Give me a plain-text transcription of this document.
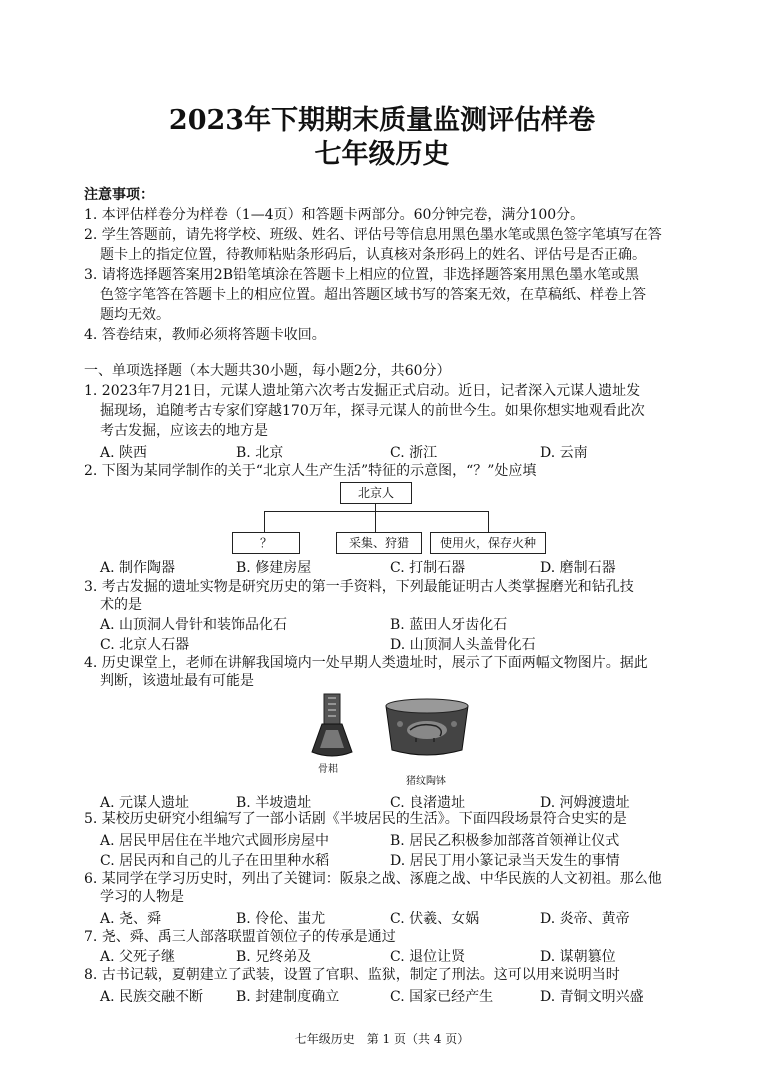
2023年下期期末质量监测评估样卷
七年级历史
注意事项：
1. 本评估样卷分为样卷（1—4页）和答题卡两部分。60分钟完卷，满分100分。
2. 学生答题前，请先将学校、班级、姓名、评估号等信息用黑色墨水笔或黑色签字笔填写在答
题卡上的指定位置，待教师粘贴条形码后，认真核对条形码上的姓名、评估号是否正确。
3. 请将选择题答案用2B铅笔填涂在答题卡上相应的位置，非选择题答案用黑色墨水笔或黑
色签字笔答在答题卡上的相应位置。超出答题区域书写的答案无效，在草稿纸、样卷上答
题均无效。
4. 答卷结束，教师必须将答题卡收回。
一、单项选择题（本大题共30小题，每小题2分，共60分）
1. 2023年7月21日，元谋人遗址第六次考古发掘正式启动。近日，记者深入元谋人遗址发
掘现场，追随考古专家们穿越170万年，探寻元谋人的前世今生。如果你想实地观看此次
考古发掘，应该去的地方是
A. 陕西	B. 北京	C. 浙江	D. 云南
2. 下图为某同学制作的关于“北京人生产生活”特征的示意图，“？”处应填
北京人
？	采集、狩猎	使用火，保存火种
A. 制作陶器	B. 修建房屋	C. 打制石器	D. 磨制石器
3. 考古发掘的遗址实物是研究历史的第一手资料，下列最能证明古人类掌握磨光和钻孔技
术的是
A. 山顶洞人骨针和装饰品化石	B. 蓝田人牙齿化石
C. 北京人石器	D. 山顶洞人头盖骨化石
4. 历史课堂上，老师在讲解我国境内一处早期人类遗址时，展示了下面两幅文物图片。据此
判断，该遗址最有可能是
骨耜
猪纹陶钵
A. 元谋人遗址	B. 半坡遗址	C. 良渚遗址	D. 河姆渡遗址
5. 某校历史研究小组编写了一部小话剧《半坡居民的生活》。下面四段场景符合史实的是
A. 居民甲居住在半地穴式圆形房屋中	B. 居民乙积极参加部落首领禅让仪式
C. 居民丙和自己的儿子在田里种水稻	D. 居民丁用小篆记录当天发生的事情
6. 某同学在学习历史时，列出了关键词：阪泉之战、涿鹿之战、中华民族的人文初祖。那么他
学习的人物是
A. 尧、舜	B. 伶伦、蚩尤	C. 伏羲、女娲	D. 炎帝、黄帝
7. 尧、舜、禹三人部落联盟首领位子的传承是通过
A. 父死子继	B. 兄终弟及	C. 退位让贤	D. 谋朝篡位
8. 古书记载，夏朝建立了武装，设置了官职、监狱，制定了刑法。这可以用来说明当时
A. 民族交融不断 B. 封建制度确立	C. 国家已经产生	D. 青铜文明兴盛
七年级历史　第 1 页（共 4 页）
